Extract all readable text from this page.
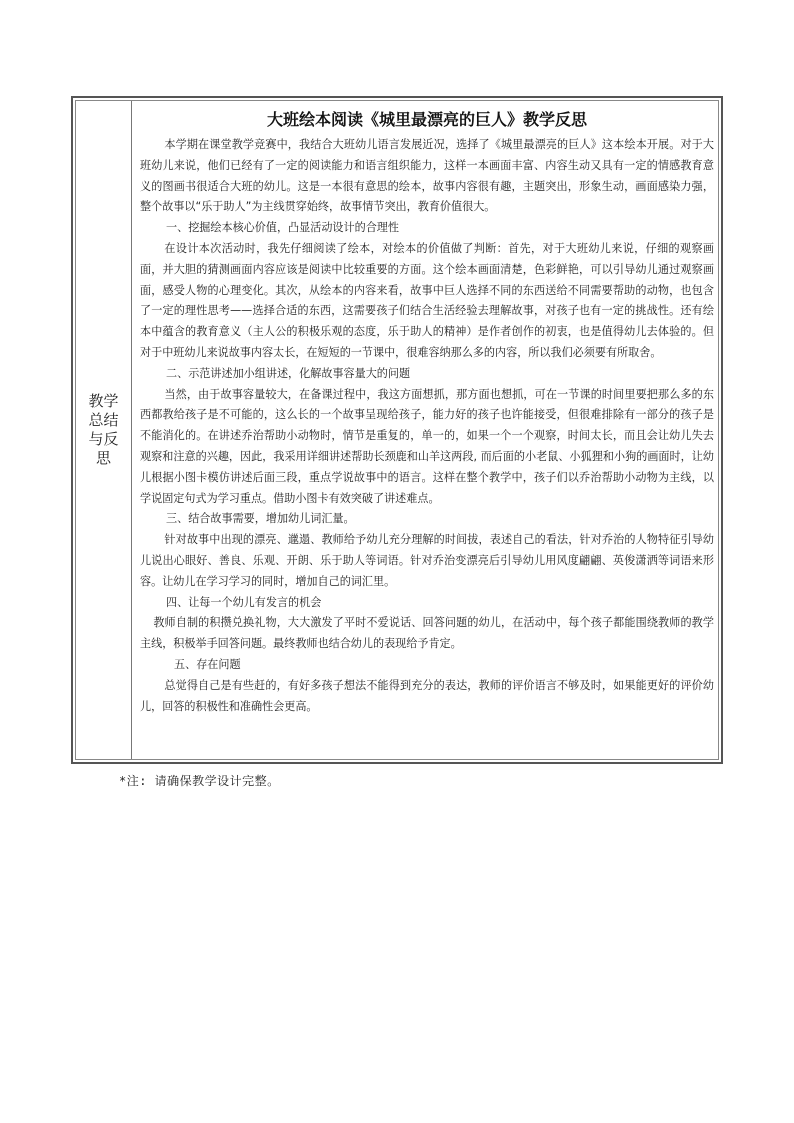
教学总结与反思
大班绘本阅读《城里最漂亮的巨人》教学反思

本学期在课堂教学竞赛中，我结合大班幼儿语言发展近况，选择了《城里最漂亮的巨人》这本绘本开展。对于大班幼儿来说，他们已经有了一定的阅读能力和语言组织能力，这样一本画面丰富、内容生动又具有一定的情感教育意义的图画书很适合大班的幼儿。这是一本很有意思的绘本，故事内容很有趣，主题突出，形象生动，画面感染力强，整个故事以“乐于助人”为主线贯穿始终，故事情节突出，教育价值很大。

一、挖掘绘本核心价值，凸显活动设计的合理性

在设计本次活动时，我先仔细阅读了绘本，对绘本的价值做了判断：首先，对于大班幼儿来说，仔细的观察画面，并大胆的猜测画面内容应该是阅读中比较重要的方面。这个绘本画面清楚，色彩鲜艳，可以引导幼儿通过观察画面，感受人物的心理变化。其次，从绘本的内容来看，故事中巨人选择不同的东西送给不同需要帮助的动物，也包含了一定的理性思考——选择合适的东西，这需要孩子们结合生活经验去理解故事，对孩子也有一定的挑战性。还有绘本中蕴含的教育意义（主人公的积极乐观的态度，乐于助人的精神）是作者创作的初衷，也是值得幼儿去体验的。但对于中班幼儿来说故事内容太长，在短短的一节课中，很难容纳那么多的内容，所以我们必须要有所取舍。

二、示范讲述加小组讲述，化解故事容量大的问题

当然，由于故事容量较大，在备课过程中，我这方面想抓，那方面也想抓，可在一节课的时间里要把那么多的东西都教给孩子是不可能的，这么长的一个故事呈现给孩子，能力好的孩子也许能接受，但很难排除有一部分的孩子是不能消化的。在讲述乔治帮助小动物时，情节是重复的，单一的，如果一个一个观察，时间太长，而且会让幼儿失去观察和注意的兴趣，因此，我采用详细讲述帮助长颈鹿和山羊这两段, 而后面的小老鼠、小狐狸和小狗的画面时，让幼儿根据小图卡模仿讲述后面三段，重点学说故事中的语言。这样在整个教学中，孩子们以乔治帮助小动物为主线，以学说固定句式为学习重点。借助小图卡有效突破了讲述难点。

三、结合故事需要，增加幼儿词汇量。

针对故事中出现的漂亮、邋遢、教师给予幼儿充分理解的时间拔，表述自己的看法，针对乔治的人物特征引导幼儿说出心眼好、善良、乐观、开朗、乐于助人等词语。针对乔治变漂亮后引导幼儿用风度翩翩、英俊潇洒等词语来形容。让幼儿在学习学习的同时，增加自己的词汇里。

四、让每一个幼儿有发言的机会

教师自制的积攒兑换礼物，大大激发了平时不爱说话、回答问题的幼儿，在活动中，每个孩子都能围绕教师的教学主线，积极举手回答问题。最终教师也结合幼儿的表现给予肯定。

五、存在问题

总觉得自己是有些赶的，有好多孩子想法不能得到充分的表达，教师的评价语言不够及时，如果能更好的评价幼儿，回答的积极性和准确性会更高。

*注: 请确保教学设计完整。
